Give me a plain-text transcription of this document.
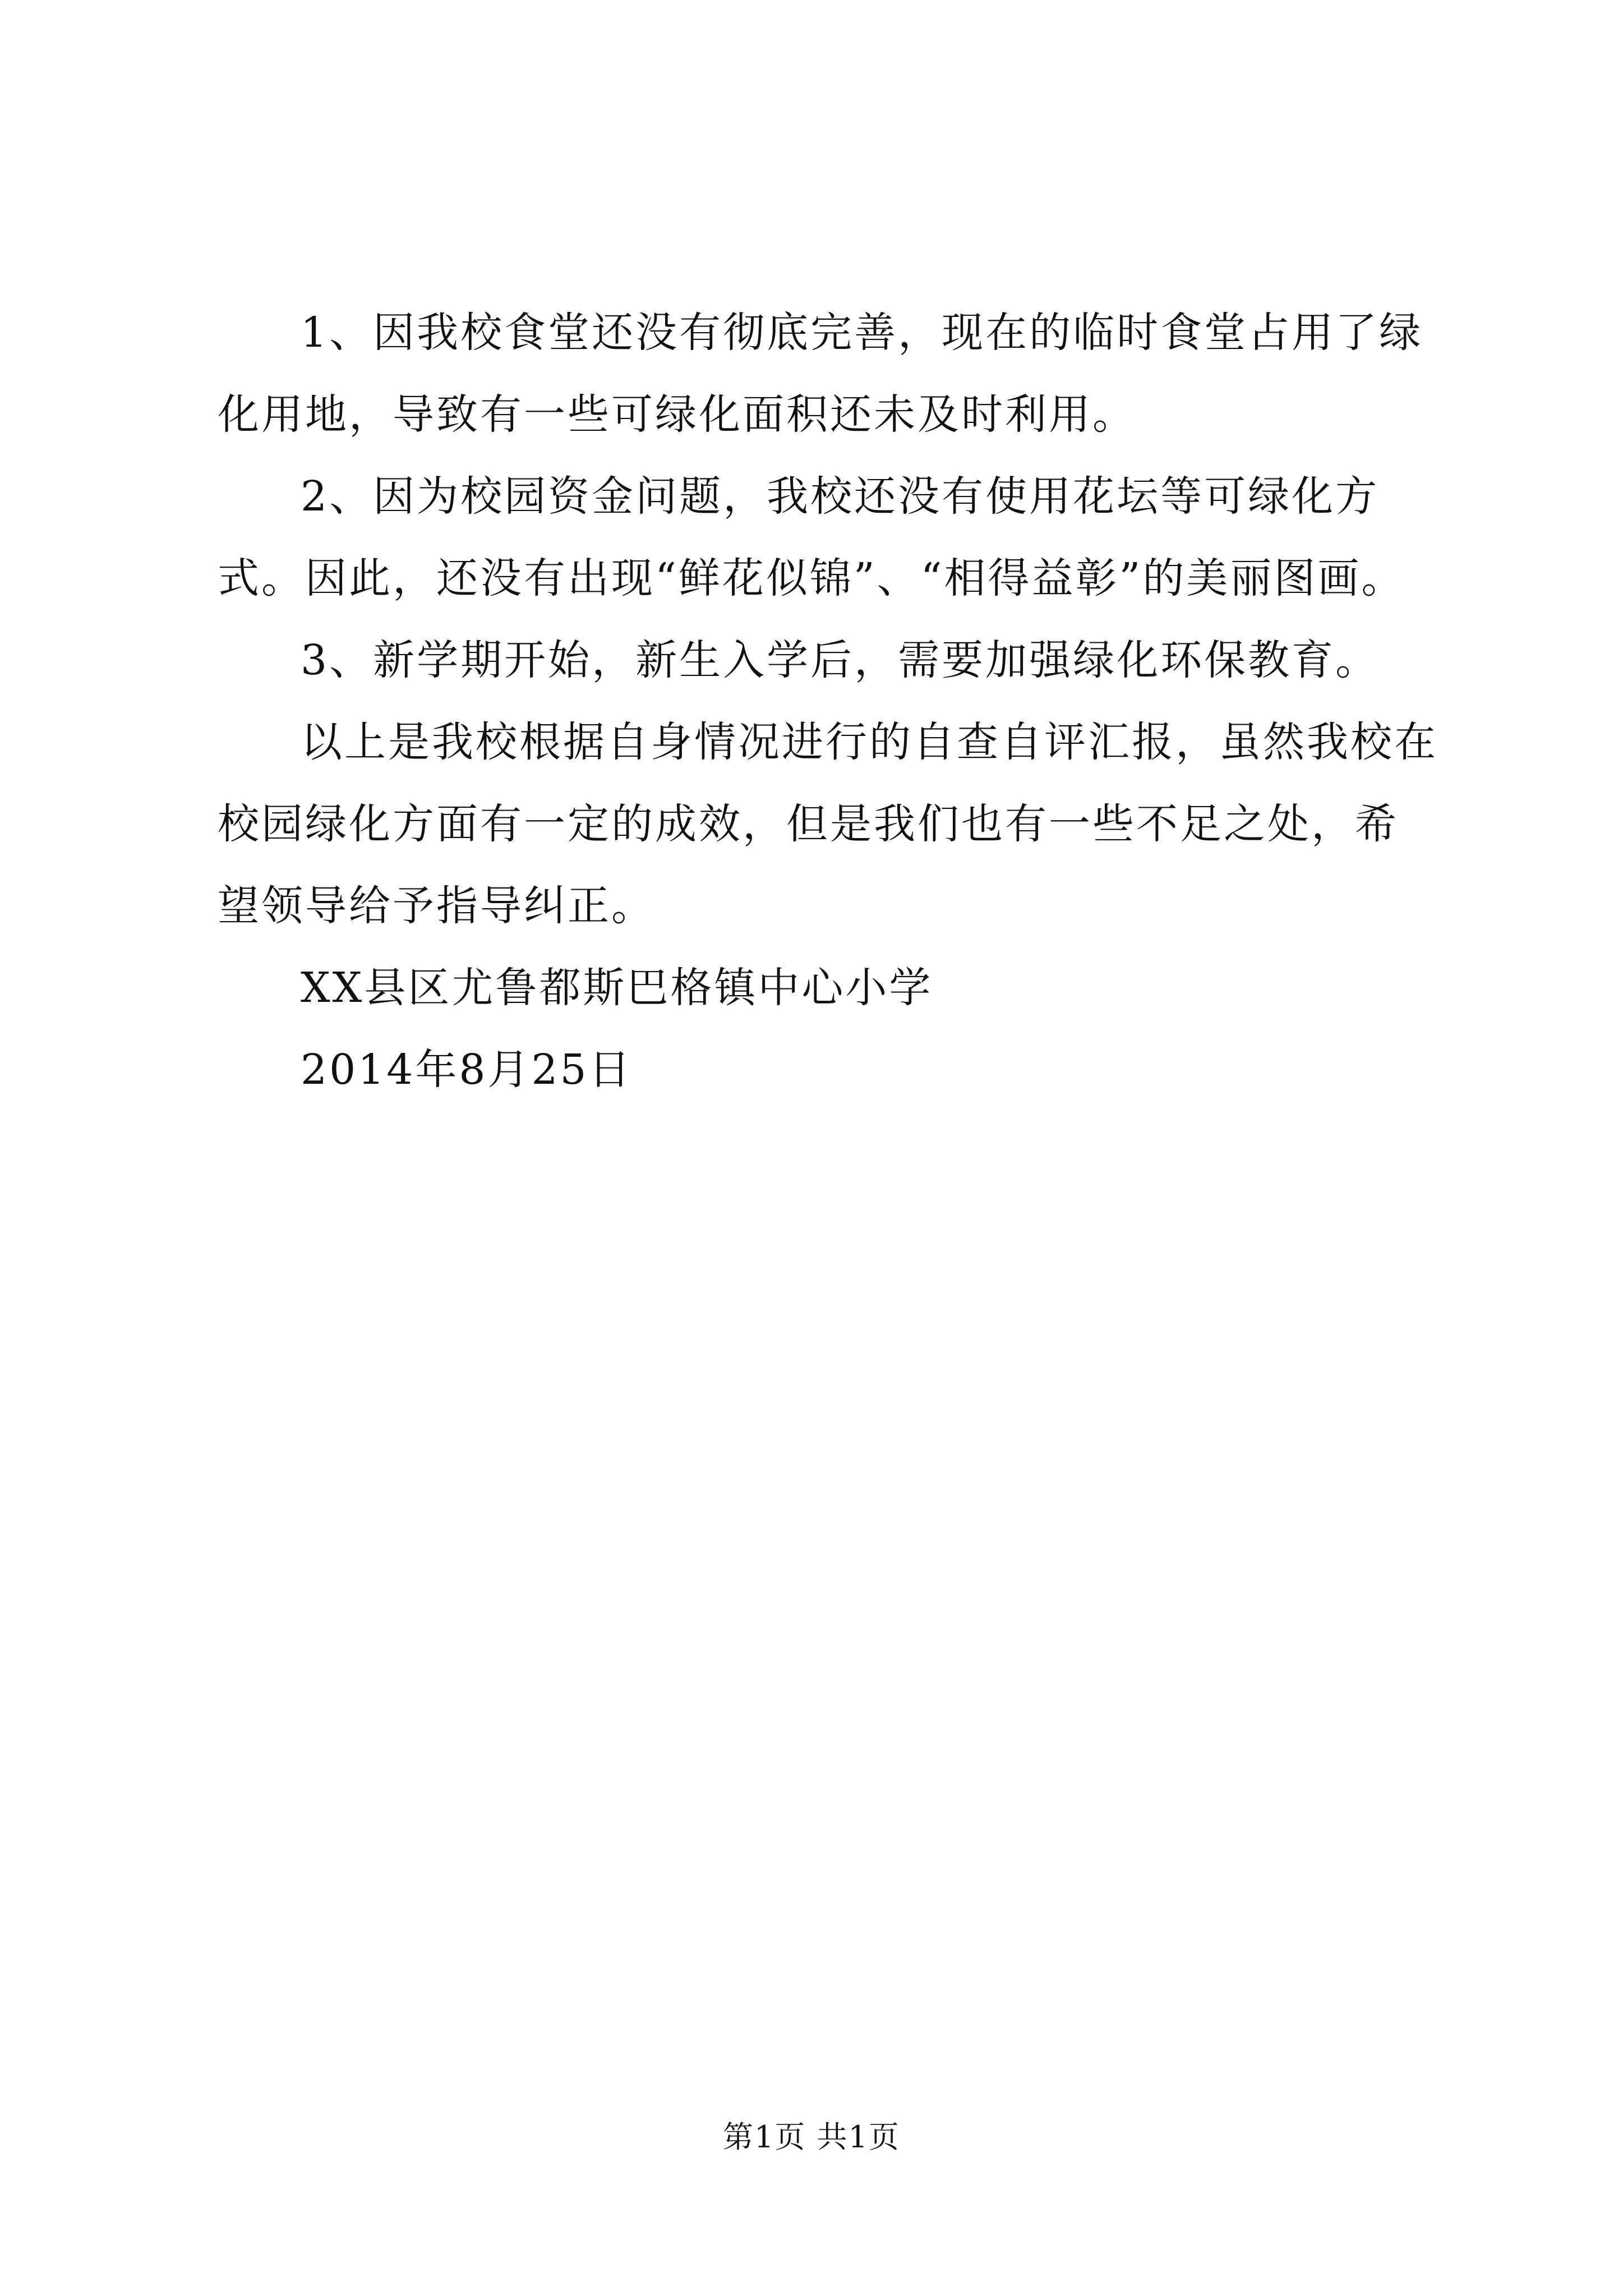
1、因我校食堂还没有彻底完善，现在的临时食堂占用了绿化用地，导致有一些可绿化面积还未及时利用。

2、因为校园资金问题，我校还没有使用花坛等可绿化方式。因此，还没有出现“鲜花似锦”、“相得益彰”的美丽图画。

3、新学期开始，新生入学后，需要加强绿化环保教育。

以上是我校根据自身情况进行的自查自评汇报，虽然我校在校园绿化方面有一定的成效，但是我们也有一些不足之处，希望领导给予指导纠正。

XX县区尤鲁都斯巴格镇中心小学

2014年8月25日

第1页 共1页
